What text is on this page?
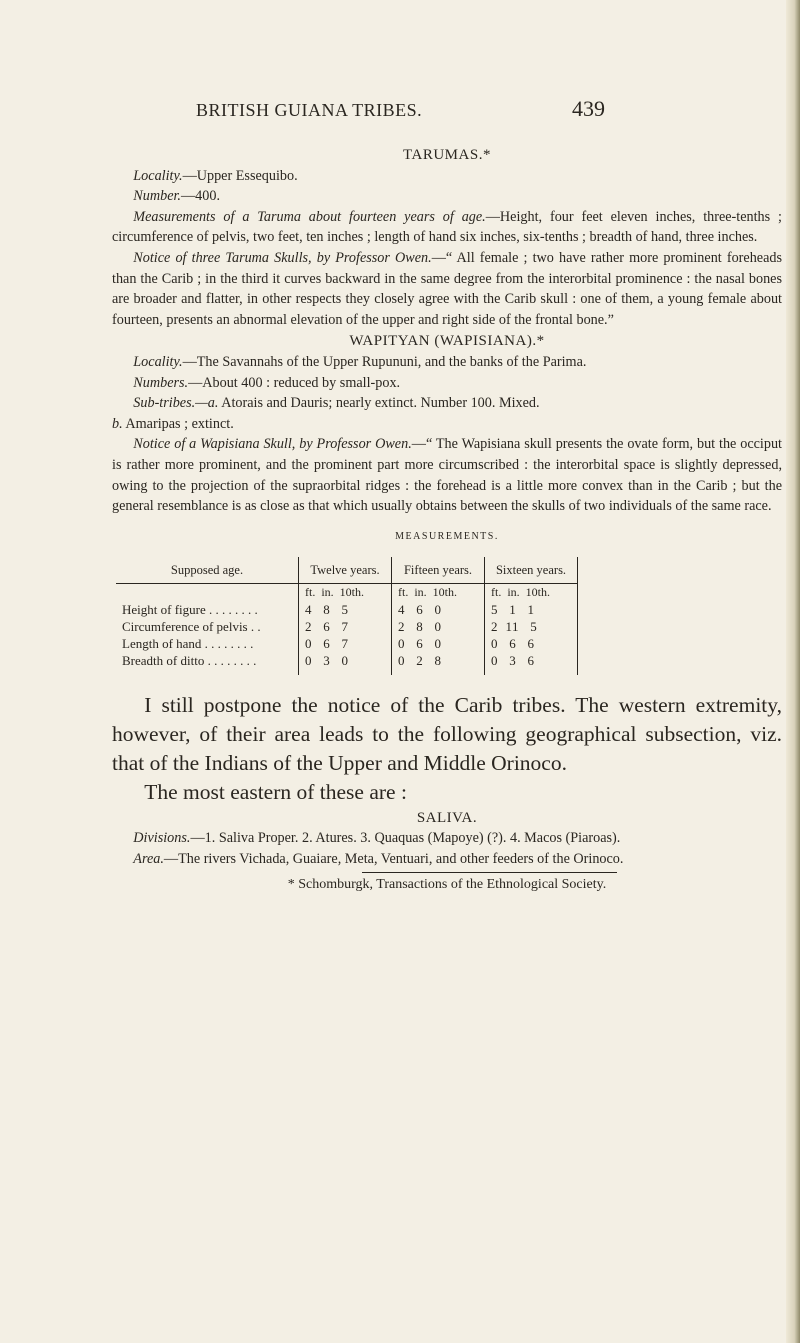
BRITISH GUIANA TRIBES.	439

TARUMAS.*

Locality.—Upper Essequibo.

Number.—400.

Measurements of a Taruma about fourteen years of age.—Height, four feet eleven inches, three-tenths ; circumference of pelvis, two feet, ten inches ; length of hand six inches, six-tenths ; breadth of hand, three inches.

Notice of three Taruma Skulls, by Professor Owen.—“ All female ; two have rather more prominent foreheads than the Carib ; in the third it curves backward in the same degree from the interorbital prominence : the nasal bones are broader and flatter, in other respects they closely agree with the Carib skull : one of them, a young female about fourteen, presents an abnormal elevation of the upper and right side of the frontal bone.”

WAPITYAN (WAPISIANA).*

Locality.—The Savannahs of the Upper Rupununi, and the banks of the Parima.

Numbers.—About 400 : reduced by small-pox.

Sub-tribes.—a. Atorais and Dauris; nearly extinct. Number 100. Mixed.
b. Amaripas ; extinct.

Notice of a Wapisiana Skull, by Professor Owen.—“ The Wapisiana skull presents the ovate form, but the occiput is rather more prominent, and the prominent part more circumscribed : the interorbital space is slightly depressed, owing to the projection of the supraorbital ridges : the forehead is a little more convex than in the Carib ; but the general resemblance is as close as that which usually obtains between the skulls of two individuals of the same race.

MEASUREMENTS.

Supposed age.	Twelve years.	Fifteen years.	Sixteen years.
	ft.  in.  10th.	ft.  in.  10th.	ft.  in.  10th.
Height of figure . . . . . . . .	4   8   5	4   6   0	5   1   1
Circumference of pelvis . .	2   6   7	2   8   0	2  11   5
Length of hand . . . . . . . .	0   6   7	0   6   0	0   6   6
Breadth of ditto . . . . . . . .	0   3   0	0   2   8	0   3   6

I still postpone the notice of the Carib tribes. The western extremity, however, of their area leads to the following geographical subsection, viz. that of the Indians of the Upper and Middle Orinoco.

The most eastern of these are :

SALIVA.

Divisions.—1. Saliva Proper. 2. Atures. 3. Quaquas (Mapoye) (?). 4. Macos (Piaroas).

Area.—The rivers Vichada, Guaiare, Meta, Ventuari, and other feeders of the Orinoco.

* Schomburgk, Transactions of the Ethnological Society.
